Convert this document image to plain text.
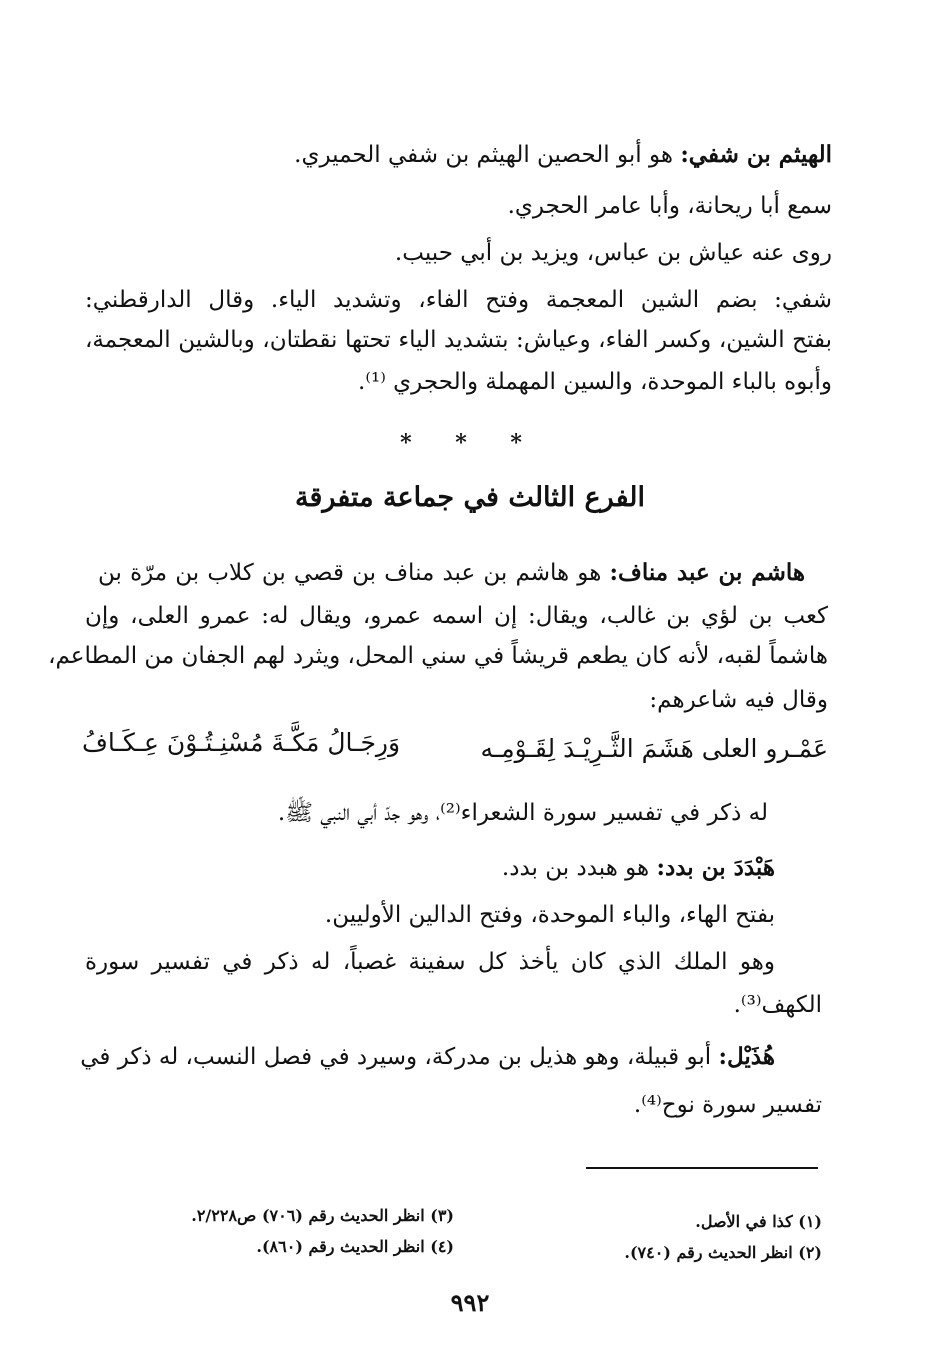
الهيثم بن شفي: هو أبو الحصين الهيثم بن شفي الحميري.
سمع أبا ريحانة، وأبا عامر الحجري.
روى عنه عياش بن عباس، ويزيد بن أبي حبيب.
شفي: بضم الشين المعجمة وفتح الفاء، وتشديد الياء. وقال الدارقطني:
بفتح الشين، وكسر الفاء، وعياش: بتشديد الياء تحتها نقطتان، وبالشين المعجمة،
وأبوه بالباء الموحدة، والسين المهملة والحجري ⁽¹⁾.
* * *
الفرع الثالث في جماعة متفرقة
هاشم بن عبد مناف: هو هاشم بن عبد مناف بن قصي بن كلاب بن مرّة بن
كعب بن لؤي بن غالب، ويقال: إن اسمه عمرو، ويقال له: عمرو العلى، وإن
هاشماً لقبه، لأنه كان يطعم قريشاً في سني المحل، ويثرد لهم الجفان من المطاعم،
وقال فيه شاعرهم:
عَمْـرو العلى هَشَمَ الثَّـرِيْـدَ لِقَـوْمِـه
وَرِجَـالُ مَكَّـةَ مُسْنِـتُـوْنَ عِـكَـافُ
له ذكر في تفسير سورة الشعراء⁽²⁾، وهو جدّ أبي النبي ﷺ.
هَبْدَدَ بن بدد: هو هبدد بن بدد.
بفتح الهاء، والباء الموحدة، وفتح الدالين الأوليين.
وهو الملك الذي كان يأخذ كل سفينة غصباً، له ذكر في تفسير سورة
الكهف⁽³⁾.
هُذَيْل: أبو قبيلة، وهو هذيل بن مدركة، وسيرد في فصل النسب، له ذكر في
تفسير سورة نوح⁽⁴⁾.
(١) كذا في الأصل.
(٢) انظر الحديث رقم (٧٤٠).
(٣) انظر الحديث رقم (٧٠٦) ص٢/٢٢٨.
(٤) انظر الحديث رقم (٨٦٠).
٩٩٢
